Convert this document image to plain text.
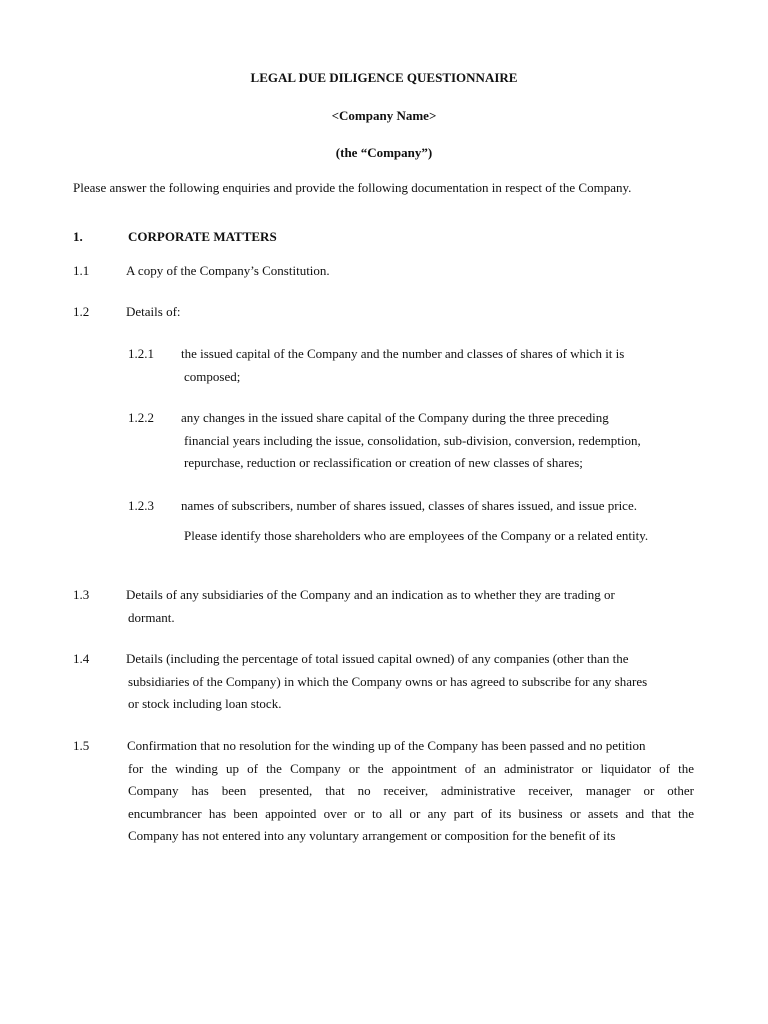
LEGAL DUE DILIGENCE QUESTIONNAIRE
<Company Name>
(the “Company”)
Please answer the following enquiries and provide the following documentation in respect of the Company.
1.	CORPORATE MATTERS
1.1	A copy of the Company’s Constitution.
1.2	Details of:
1.2.1 the issued capital of the Company and the number and classes of shares of which it is
composed;
1.2.2 any changes in the issued share capital of the Company during the three preceding
financial years including the issue, consolidation, sub-division, conversion, redemption,
repurchase, reduction or reclassification or creation of new classes of shares;
1.2.3 names of subscribers, number of shares issued, classes of shares issued, and issue price.
Please identify those shareholders who are employees of the Company or a related entity.
1.3	Details of any subsidiaries of the Company and an indication as to whether they are trading or
dormant.
1.4	Details (including the percentage of total issued capital owned) of any companies (other than the
subsidiaries of the Company) in which the Company owns or has agreed to subscribe for any shares
or stock including loan stock.
1.5	Confirmation that no resolution for the winding up of the Company has been passed and no petition
for the winding up of the Company or the appointment of an administrator or liquidator of the
Company has been presented, that no receiver, administrative receiver, manager or other
encumbrancer has been appointed over or to all or any part of its business or assets and that the
Company has not entered into any voluntary arrangement or composition for the benefit of its
